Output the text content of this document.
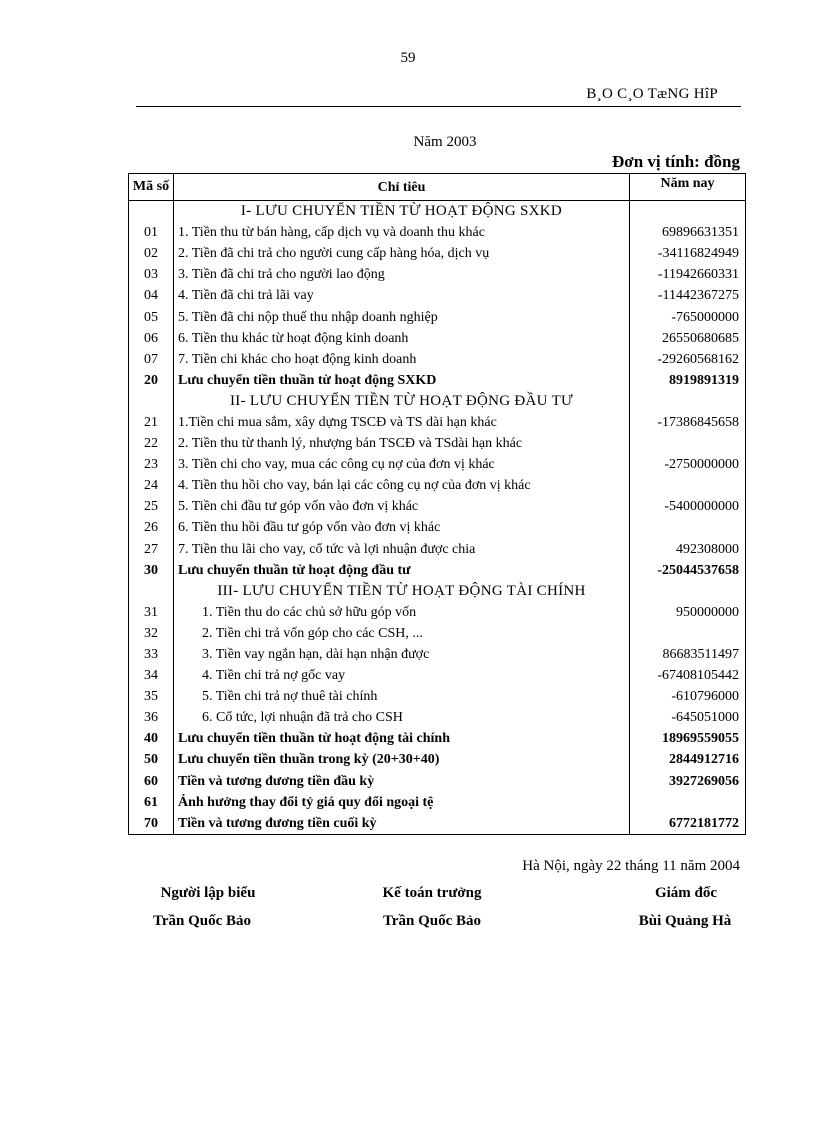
59
B¸O C¸O TæNG HîP
Năm 2003
Đơn vị tính: đồng
Mã số	Chỉ tiêu	Năm nay
	I- LƯU CHUYỂN TIỀN TỪ HOẠT ĐỘNG SXKD	
01	1. Tiền thu từ bán hàng, cấp dịch vụ và doanh thu khác	69896631351
02	2. Tiền đã chi trả cho người cung cấp hàng hóa, dịch vụ	-34116824949
03	3. Tiền đã chi trả cho người lao động	-11942660331
04	4. Tiền đã chi trả lãi vay	-11442367275
05	5. Tiền đã chi nộp thuế thu nhập doanh nghiệp	-765000000
06	6. Tiền thu khác từ hoạt động kinh doanh	26550680685
07	7. Tiền chi khác cho hoạt động kinh doanh	-29260568162
20	Lưu chuyển tiền thuần từ hoạt động SXKD	8919891319
	II- LƯU CHUYỂN TIỀN TỪ HOẠT ĐỘNG ĐẦU TƯ	
21	1.Tiền chi mua sắm, xây dựng TSCĐ và TS dài hạn khác	-17386845658
22	2. Tiền thu từ thanh lý, nhượng bán TSCĐ và TSdài hạn khác	
23	3. Tiền chi cho vay, mua các công cụ nợ của đơn vị khác	-2750000000
24	4. Tiền thu hồi cho vay, bán lại các công cụ nợ của đơn vị khác	
25	5. Tiền chi đầu tư góp vốn vào đơn vị khác	-5400000000
26	6. Tiền thu hồi đầu tư góp vốn vào đơn vị khác	
27	7. Tiền thu lãi cho vay, cổ tức và lợi nhuận được chia	492308000
30	Lưu chuyển thuần từ hoạt động đầu tư	-25044537658
	III- LƯU CHUYỂN TIỀN TỪ HOẠT ĐỘNG TÀI CHÍNH	
31	1. Tiền thu do các chủ sở hữu góp vốn	950000000
32	2. Tiền chi trả vốn góp cho các CSH, ...	
33	3. Tiền vay ngắn hạn, dài hạn nhận được	86683511497
34	4. Tiền chi trả nợ gốc vay	-67408105442
35	5. Tiền chi trả nợ thuê tài chính	-610796000
36	6. Cổ tức, lợi nhuận đã trả cho CSH	-645051000
40	Lưu chuyển tiền thuần từ hoạt động tài chính	18969559055
50	Lưu chuyển tiền thuần trong kỳ (20+30+40)	2844912716
60	Tiền và tương đương tiền đầu kỳ	3927269056
61	Ảnh hưởng thay đổi tỷ giá quy đổi ngoại tệ	
70	Tiền và tương đương tiền cuối kỳ	6772181772
Hà Nội, ngày 22 tháng 11 năm 2004
Người lập biểu	Kế toán trưởng	Giám đốc
Trần Quốc Bảo	Trần Quốc Bảo	Bùi Quảng Hà
